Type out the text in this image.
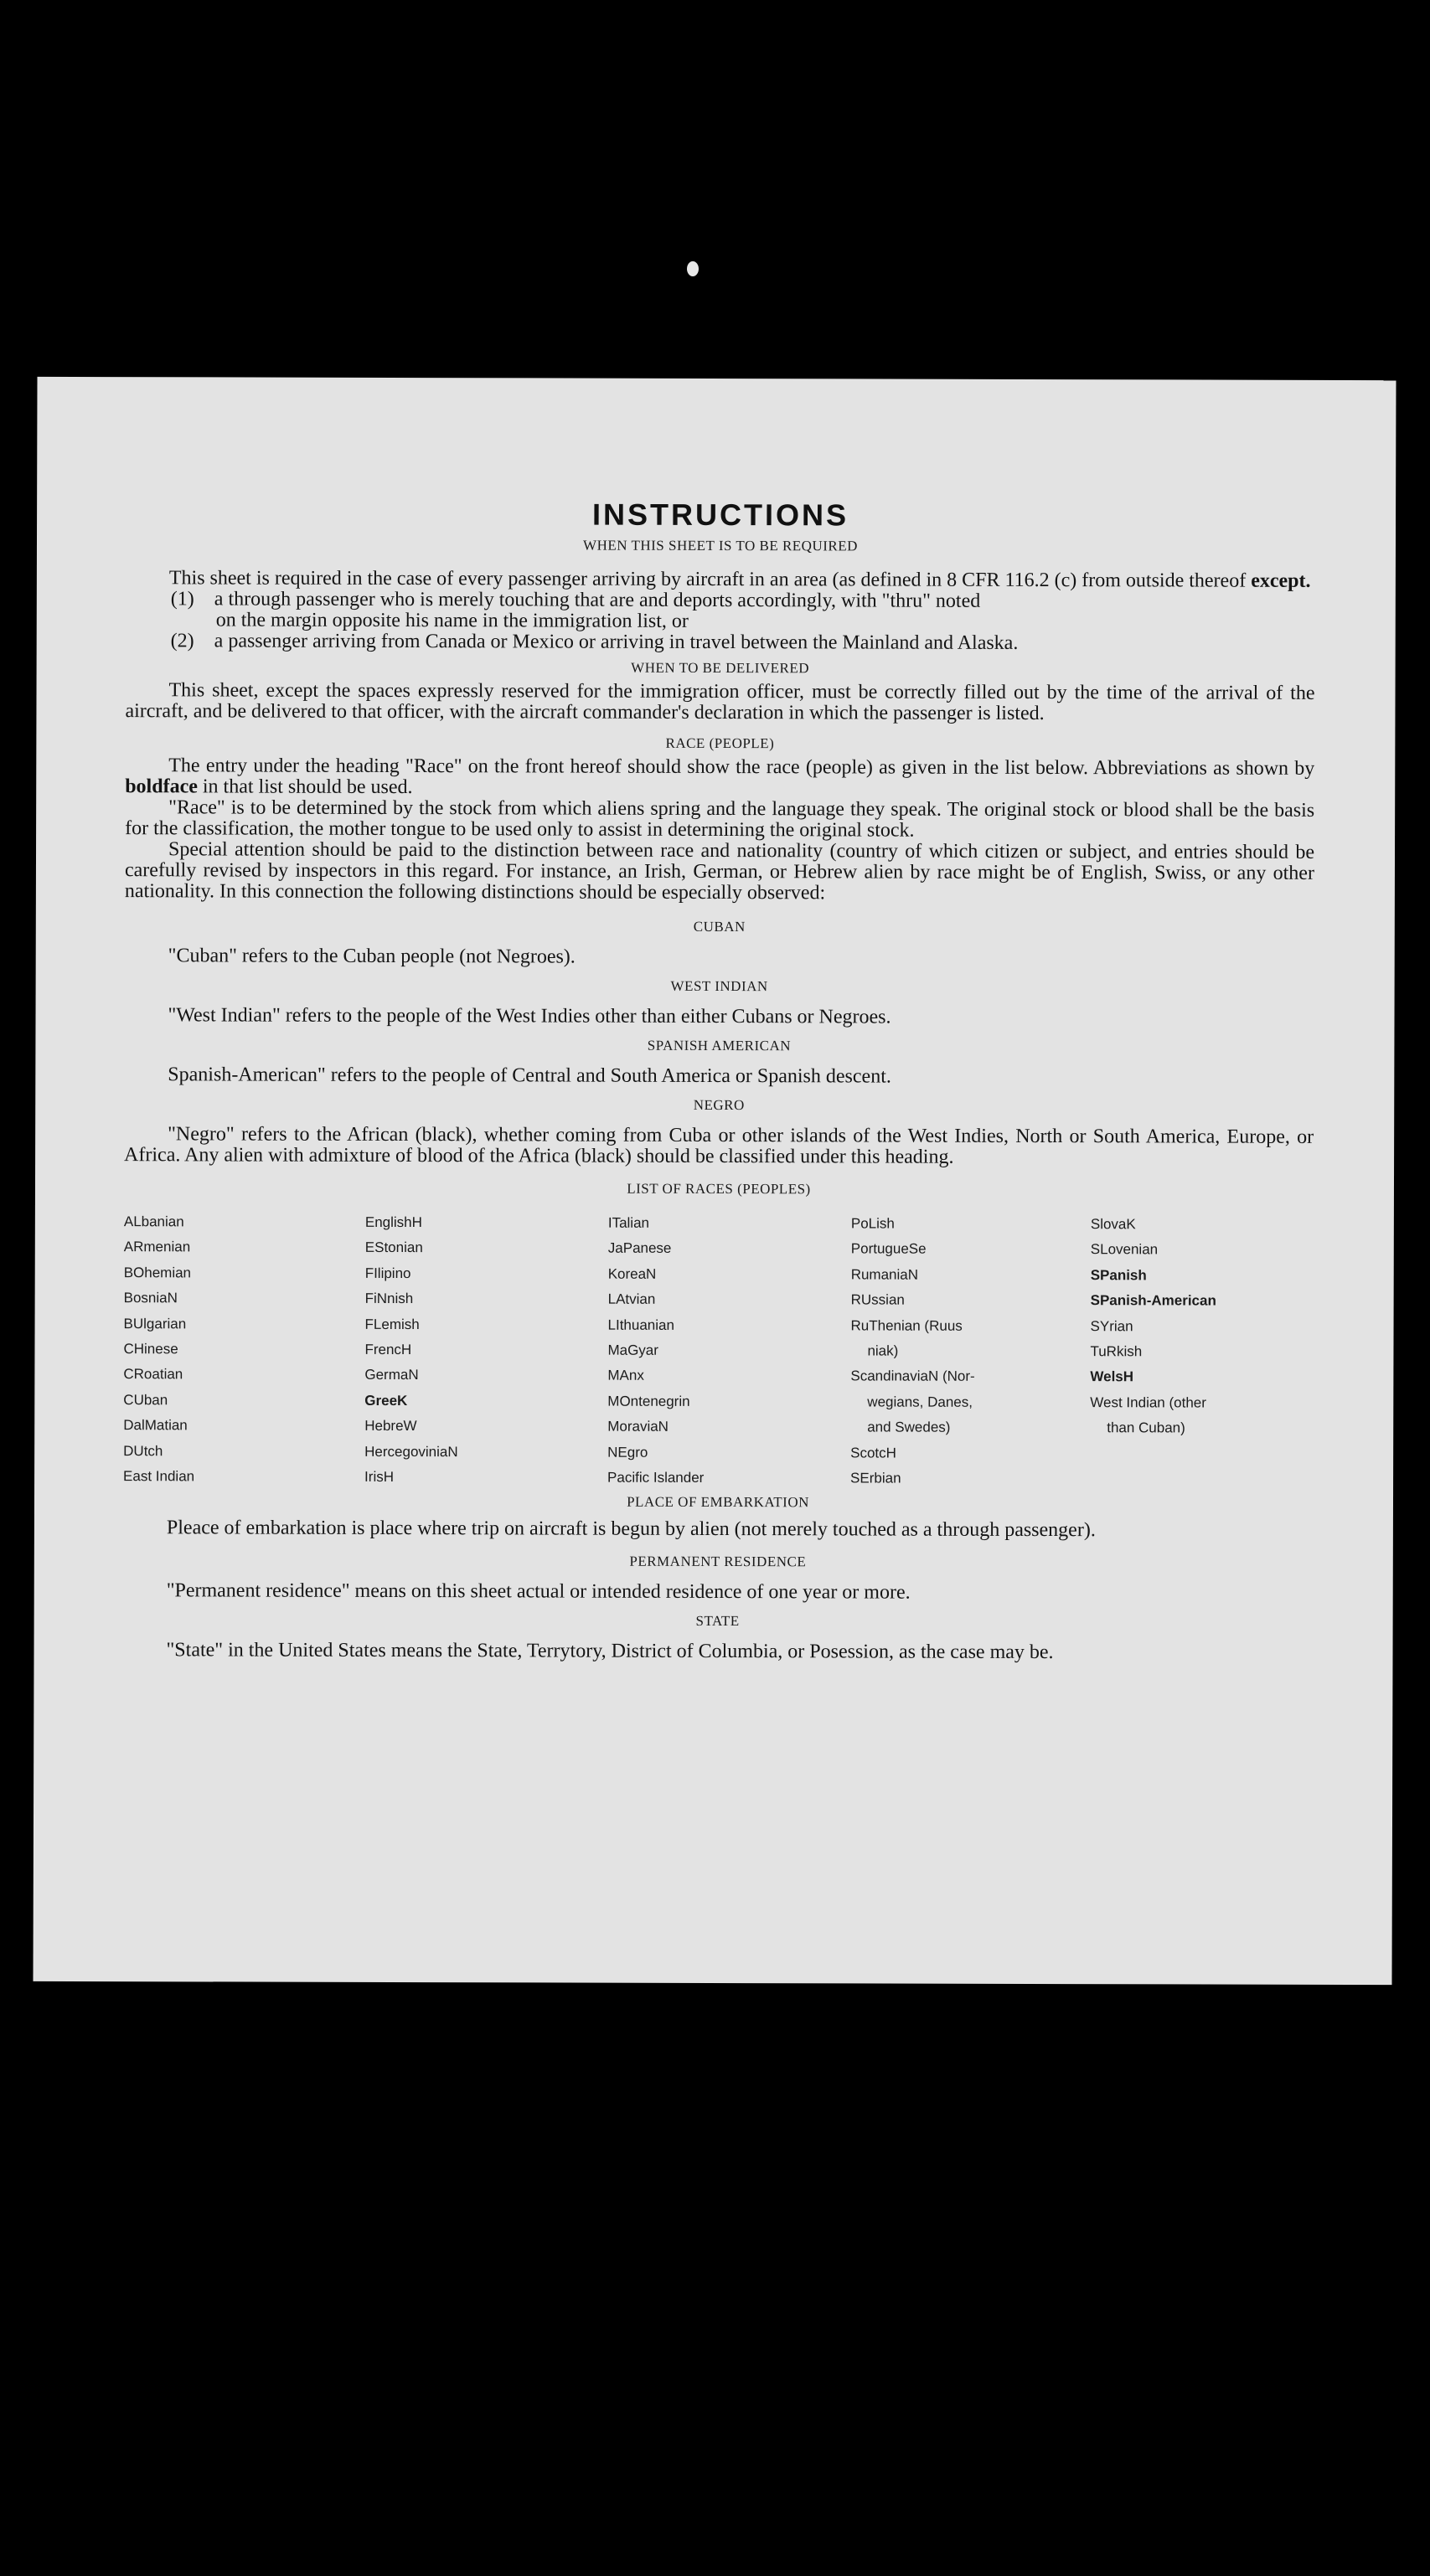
INSTRUCTIONS
WHEN THIS SHEET IS TO BE REQUIRED

This sheet is required in the case of every passenger arriving by aircraft in an area (as defined in 8 CFR 116.2 (c) from outside thereof except.

(1) a through passenger who is merely touching that are and deports accordingly, with "thru" noted
on the margin opposite his name in the immigration list, or
(2) a passenger arriving from Canada or Mexico or arriving in travel between the Mainland and Alaska.
WHEN TO BE DELIVERED

This sheet, except the spaces expressly reserved for the immigration officer, must be correctly filled out by the time of the arrival of the aircraft, and be delivered to that officer, with the aircraft commander's declaration in which the passenger is listed.

RACE (PEOPLE)

The entry under the heading "Race" on the front hereof should show the race (people) as given in the list below. Abbreviations as shown by boldface in that list should be used.

"Race" is to be determined by the stock from which aliens spring and the language they speak. The original stock or blood shall be the basis for the classification, the mother tongue to be used only to assist in determining the original stock.

Special attention should be paid to the distinction between race and nationality (country of which citizen or subject, and entries should be carefully revised by inspectors in this regard. For instance, an Irish, German, or Hebrew alien by race might be of English, Swiss, or any other nationality. In this connection the following distinctions should be especially observed:

CUBAN

"Cuban" refers to the Cuban people (not Negroes).

WEST INDIAN

"West Indian" refers to the people of the West Indies other than either Cubans or Negroes.

SPANISH AMERICAN

Spanish-American" refers to the people of Central and South America or Spanish descent.

NEGRO

"Negro" refers to the African (black), whether coming from Cuba or other islands of the West Indies, North or South America, Europe, or Africa. Any alien with admixture of blood of the Africa (black) should be classified under this heading.

LIST OF RACES (PEOPLES)
ALbanian
ARmenian
BOhemian
BosniaN
BUlgarian
CHinese
CRoatian
CUban
DalMatian
DUtch
East Indian
EnglishH
EStonian
FIlipino
FiNnish
FLemish
FrencH
GermaN
GreeK
HebreW
HercegoviniaN
IrisH
ITalian
JaPanese
KoreaN
LAtvian
LIthuanian
MaGyar
MAnx
MOntenegrin
MoraviaN
NEgro
Pacific Islander
PoLish
PortugueSe
RumaniaN
RUssian
RuThenian (Ruus
niak)
ScandinaviaN (Nor-
wegians, Danes,
and Swedes)
ScotcH
SErbian
SlovaK
SLovenian
SPanish
SPanish-American
SYrian
TuRkish
WelsH
West Indian (other
than Cuban)
PLACE OF EMBARKATION

Pleace of embarkation is place where trip on aircraft is begun by alien (not merely touched as a through passenger).

PERMANENT RESIDENCE

"Permanent residence" means on this sheet actual or intended residence of one year or more.

STATE

"State" in the United States means the State, Terrytory, District of Columbia, or Posession, as the case may be.
